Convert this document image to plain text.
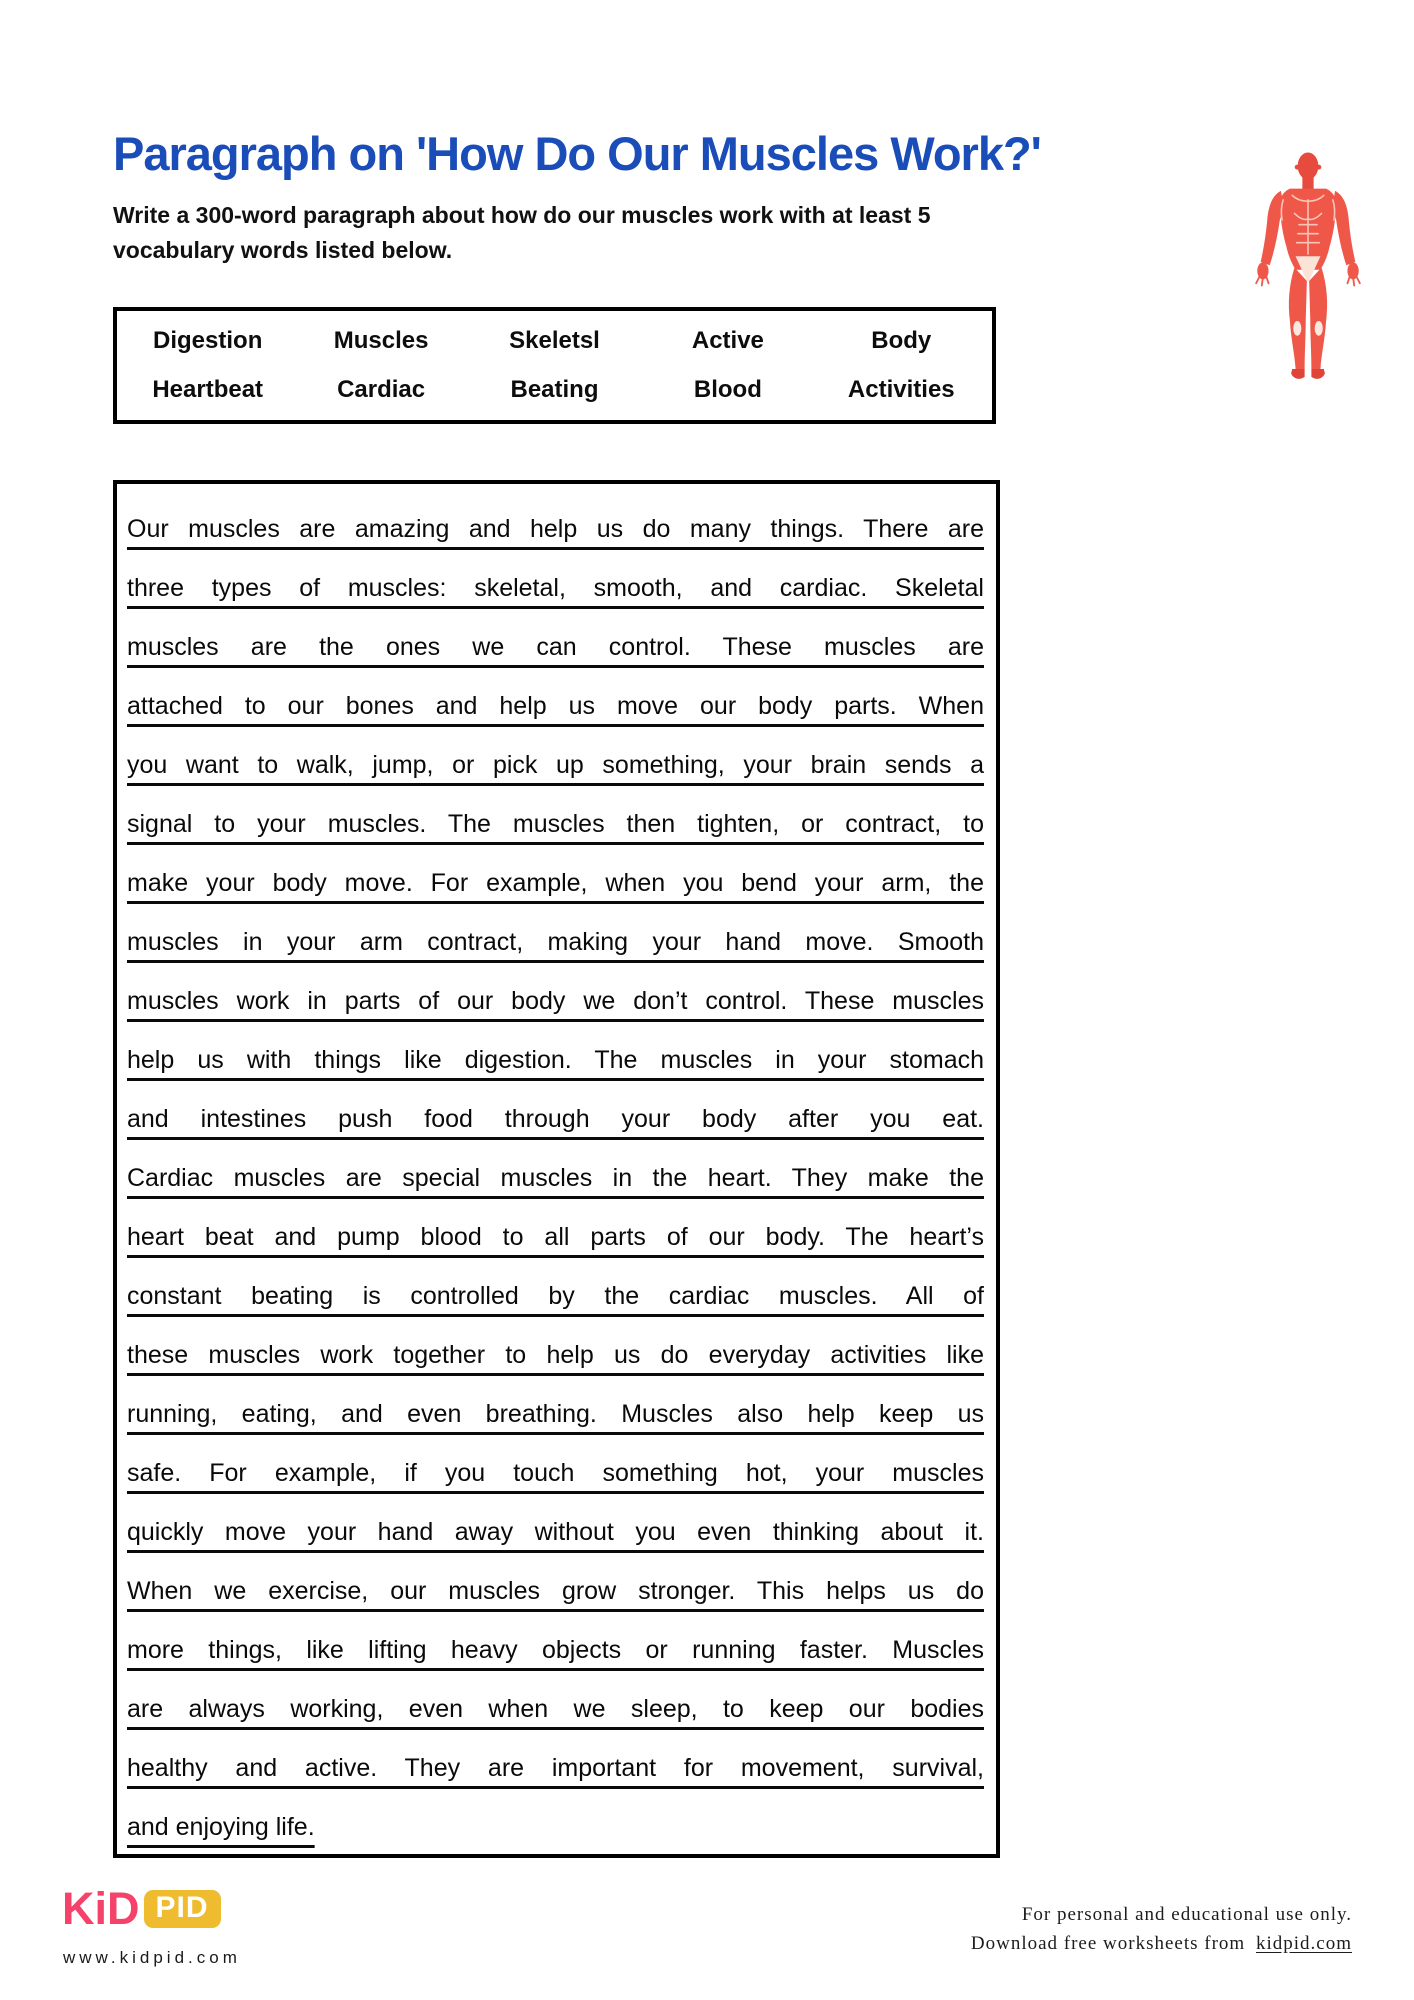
Paragraph on 'How Do Our Muscles Work?'
Write a 300-word paragraph about how do our muscles work with at least 5
vocabulary words listed below.
Digestion	Muscles	Skeletsl	Active	Body
Heartbeat	Cardiac	Beating	Blood	Activities
Our muscles are amazing and help us do many things. There are
three types of muscles: skeletal, smooth, and cardiac. Skeletal
muscles are the ones we can control. These muscles are
attached to our bones and help us move our body parts. When
you want to walk, jump, or pick up something, your brain sends a
signal to your muscles. The muscles then tighten, or contract, to
make your body move. For example, when you bend your arm, the
muscles in your arm contract, making your hand move. Smooth
muscles work in parts of our body we don’t control. These muscles
help us with things like digestion. The muscles in your stomach
and intestines push food through your body after you eat.
Cardiac muscles are special muscles in the heart. They make the
heart beat and pump blood to all parts of our body. The heart’s
constant beating is controlled by the cardiac muscles. All of
these muscles work together to help us do everyday activities like
running, eating, and even breathing. Muscles also help keep us
safe. For example, if you touch something hot, your muscles
quickly move your hand away without you even thinking about it.
When we exercise, our muscles grow stronger. This helps us do
more things, like lifting heavy objects or running faster. Muscles
are always working, even when we sleep, to keep our bodies
healthy and active. They are important for movement, survival,
and enjoying life.
KiD PID
www.kidpid.com
For personal and educational use only.
Download free worksheets from kidpid.com
